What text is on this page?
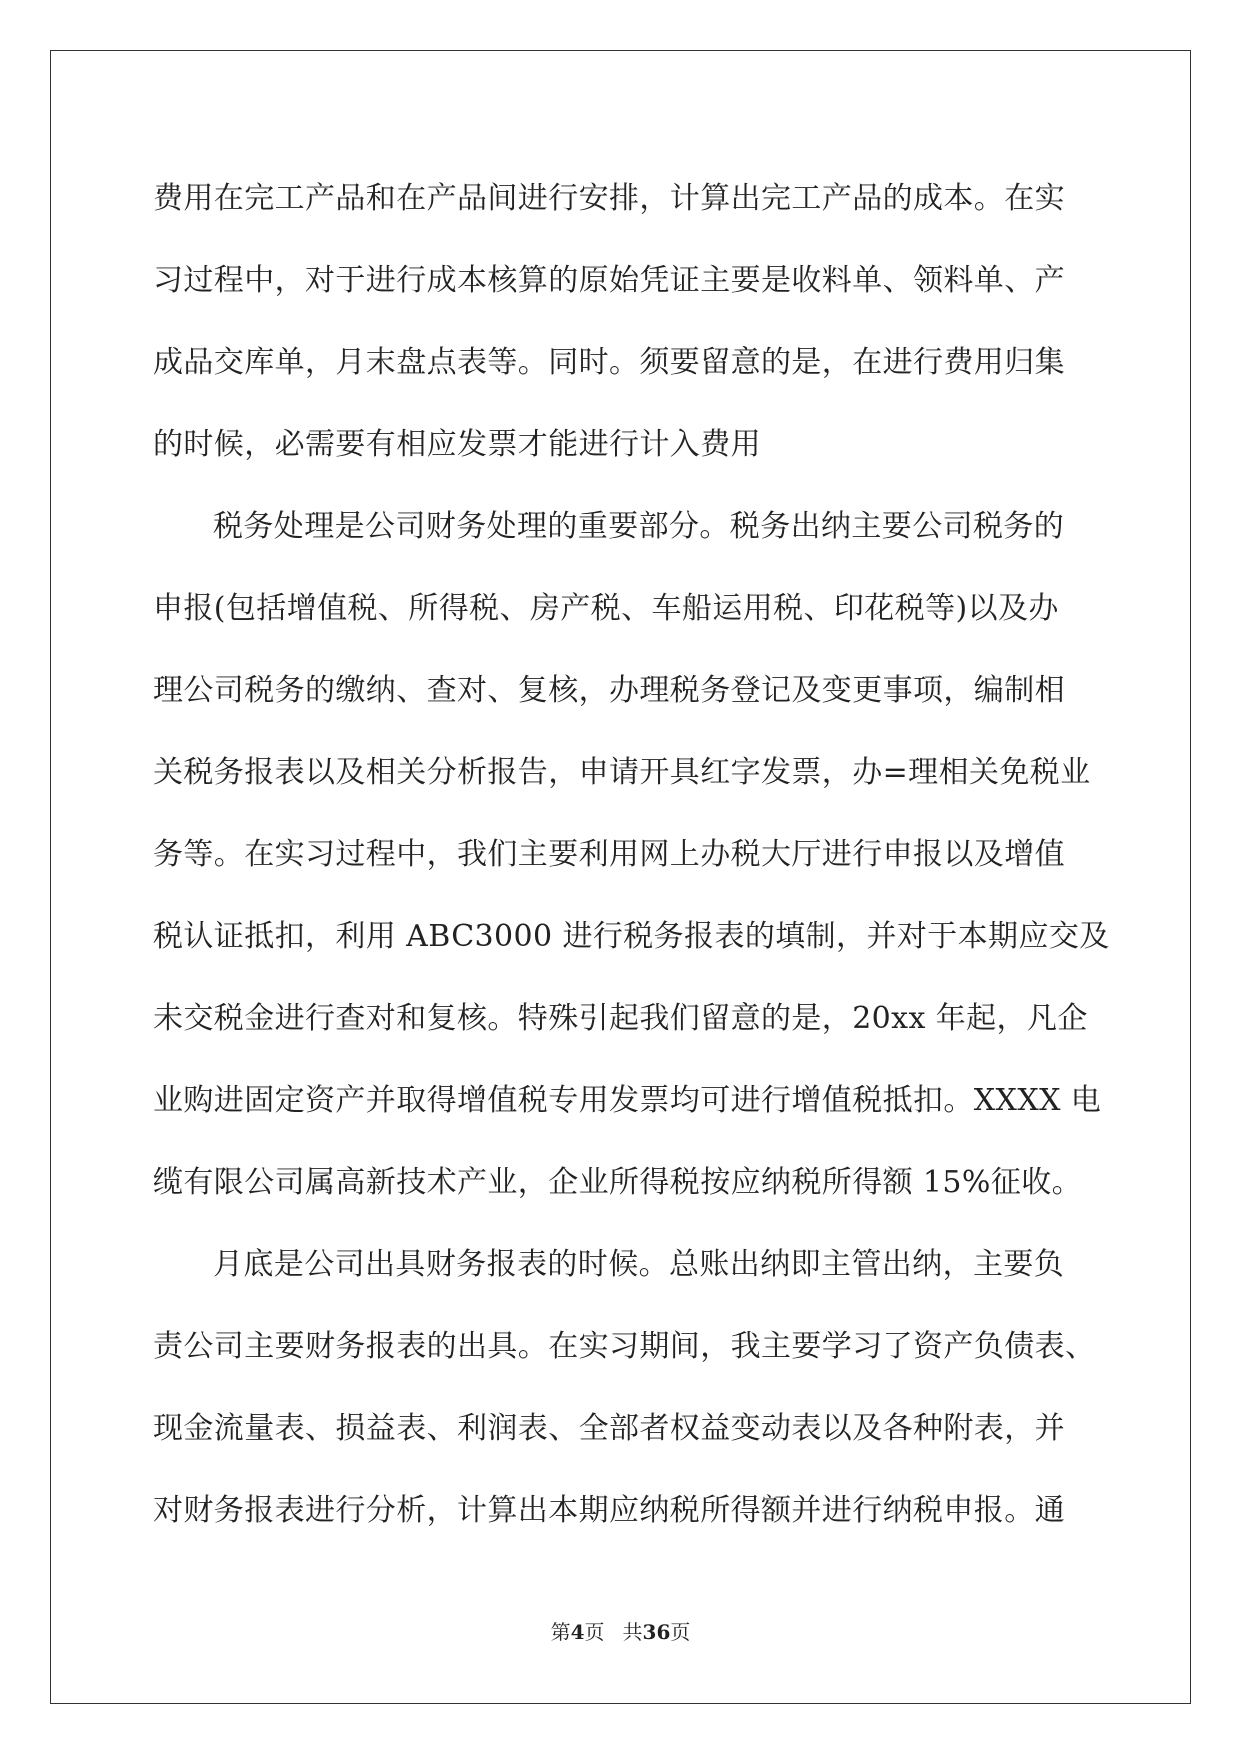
费用在完工产品和在产品间进行安排，计算出完工产品的成本。在实
习过程中，对于进行成本核算的原始凭证主要是收料单、领料单、产
成品交库单，月末盘点表等。同时。须要留意的是，在进行费用归集
的时候，必需要有相应发票才能进行计入费用
税务处理是公司财务处理的重要部分。税务出纳主要公司税务的
申报(包括增值税、所得税、房产税、车船运用税、印花税等)以及办
理公司税务的缴纳、查对、复核，办理税务登记及变更事项，编制相
关税务报表以及相关分析报告，申请开具红字发票，办=理相关免税业
务等。在实习过程中，我们主要利用网上办税大厅进行申报以及增值
税认证抵扣，利用 ABC3000 进行税务报表的填制，并对于本期应交及
未交税金进行查对和复核。特殊引起我们留意的是，20xx 年起，凡企
业购进固定资产并取得增值税专用发票均可进行增值税抵扣。XXXX 电
缆有限公司属高新技术产业，企业所得税按应纳税所得额 15%征收。
月底是公司出具财务报表的时候。总账出纳即主管出纳，主要负
责公司主要财务报表的出具。在实习期间，我主要学习了资产负债表、
现金流量表、损益表、利润表、全部者权益变动表以及各种附表，并
对财务报表进行分析，计算出本期应纳税所得额并进行纳税申报。通
第4页 共36页
